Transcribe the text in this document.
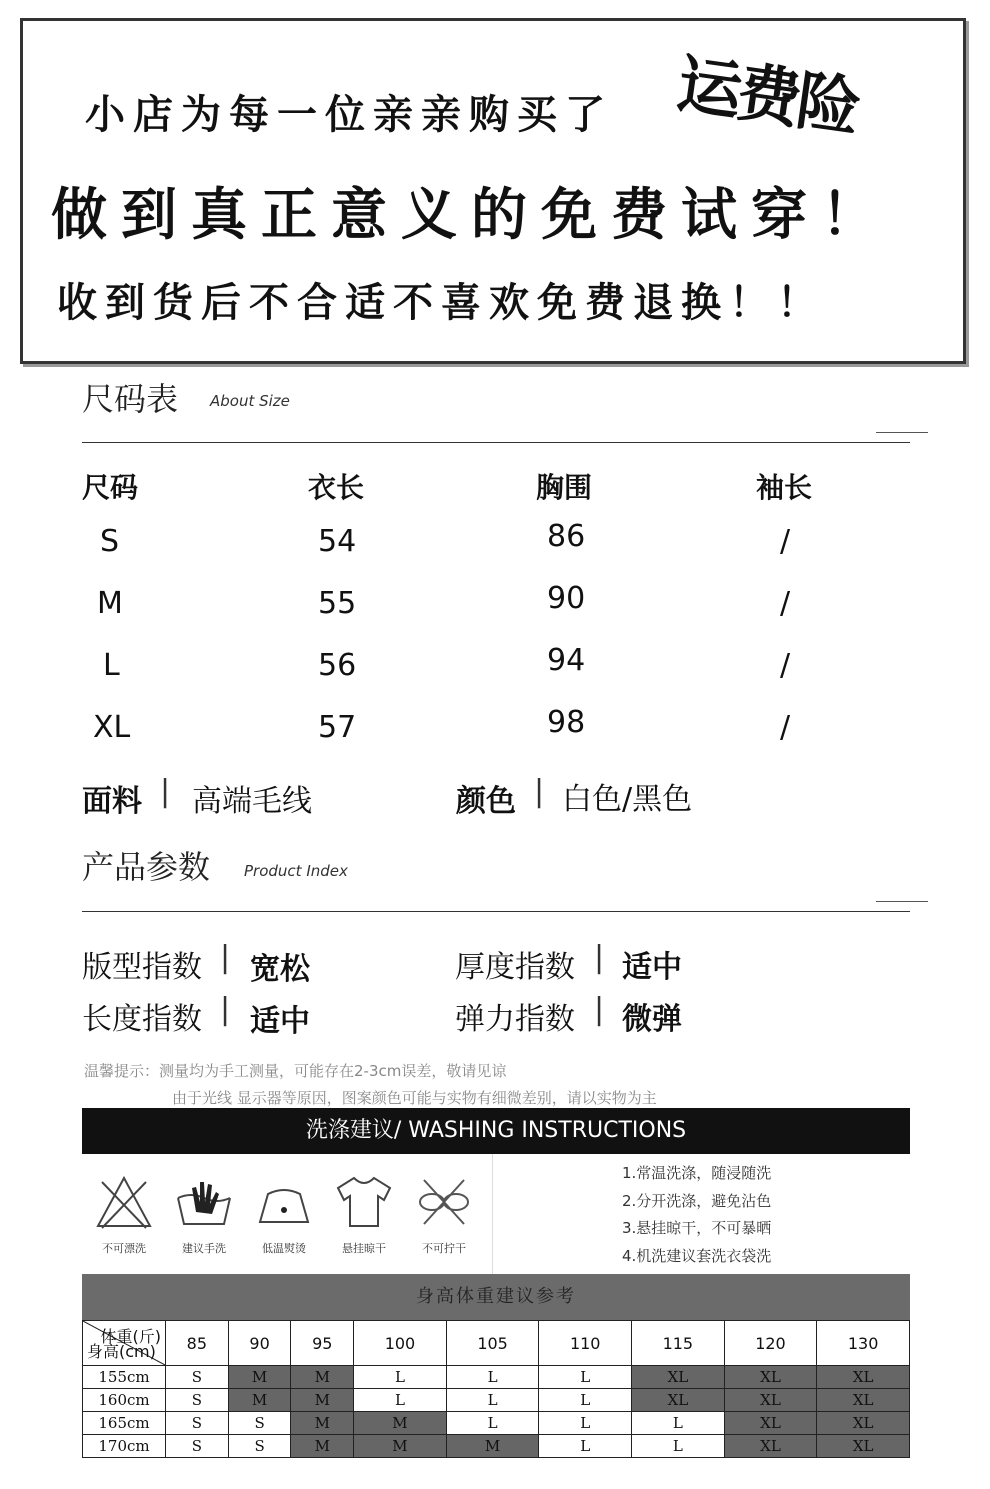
小店为每一位亲亲购买了 运费险
做到真正意义的免费试穿！
收到货后不合适不喜欢免费退换！！
尺码表 About Size
尺码	衣长	胸围	袖长
S	54	86	/
M	55	90	/
L	56	94	/
XL	57	98	/
面料 | 高端毛线	颜色 | 白色/黑色
产品参数 Product Index
版型指数 | 宽松	厚度指数 | 适中
长度指数 | 适中	弹力指数 | 微弹
温馨提示：测量均为手工测量，可能存在2-3cm误差，敬请见谅
由于光线 显示器等原因，图案颜色可能与实物有细微差别，请以实物为主
洗涤建议/ WASHING INSTRUCTIONS
不可漂洗	建议手洗	低温熨烫	悬挂晾干	不可拧干
1.常温洗涤，随浸随洗
2.分开洗涤，避免沾色
3.悬挂晾干，不可暴晒
4.机洗建议套洗衣袋洗
身高体重建议参考
体重(斤)
身高(cm)	85	90	95	100	105	110	115	120	130
155cm	S	M	M	L	L	L	XL	XL	XL
160cm	S	M	M	L	L	L	XL	XL	XL
165cm	S	S	M	M	L	L	L	XL	XL
170cm	S	S	M	M	M	L	L	XL	XL
